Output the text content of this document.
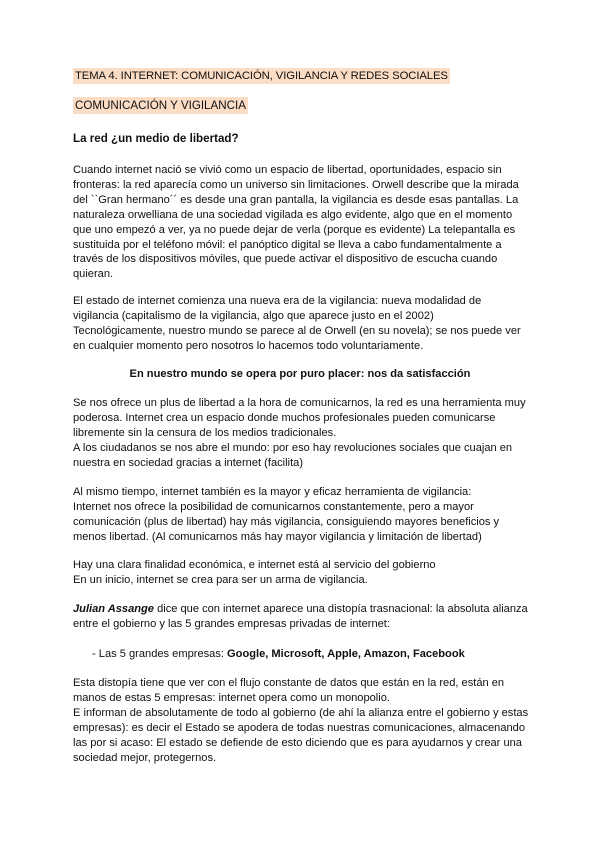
TEMA 4. INTERNET: COMUNICACIÓN, VIGILANCIA Y REDES SOCIALES
COMUNICACIÓN Y VIGILANCIA
La red ¿un medio de libertad?
Cuando internet nació se vivió como un espacio de libertad, oportunidades, espacio sin
fronteras: la red aparecía como un universo sin limitaciones. Orwell describe que la mirada
del ``Gran hermano´´ es desde una gran pantalla, la vigilancia es desde esas pantallas. La
naturaleza orwelliana de una sociedad vigilada es algo evidente, algo que en el momento
que uno empezó a ver, ya no puede dejar de verla (porque es evidente) La telepantalla es
sustituida por el teléfono móvil: el panóptico digital se lleva a cabo fundamentalmente a
través de los dispositivos móviles, que puede activar el dispositivo de escucha cuando
quieran.
El estado de internet comienza una nueva era de la vigilancia: nueva modalidad de
vigilancia (capitalismo de la vigilancia, algo que aparece justo en el 2002)
Tecnológicamente, nuestro mundo se parece al de Orwell (en su novela); se nos puede ver
en cualquier momento pero nosotros lo hacemos todo voluntariamente.
En nuestro mundo se opera por puro placer: nos da satisfacción
Se nos ofrece un plus de libertad a la hora de comunicarnos, la red es una herramienta muy
poderosa. Internet crea un espacio donde muchos profesionales pueden comunicarse
libremente sin la censura de los medios tradicionales.
A los ciudadanos se nos abre el mundo: por eso hay revoluciones sociales que cuajan en
nuestra en sociedad gracias a internet (facilita)
Al mismo tiempo, internet también es la mayor y eficaz herramienta de vigilancia:
Internet nos ofrece la posibilidad de comunicarnos constantemente, pero a mayor
comunicación (plus de libertad) hay más vigilancia, consiguiendo mayores beneficios y
menos libertad. (Al comunicarnos más hay mayor vigilancia y limitación de libertad)
Hay una clara finalidad económica, e internet está al servicio del gobierno
En un inicio, internet se crea para ser un arma de vigilancia.
Julian Assange dice que con internet aparece una distopía trasnacional: la absoluta alianza
entre el gobierno y las 5 grandes empresas privadas de internet:
- Las 5 grandes empresas: Google, Microsoft, Apple, Amazon, Facebook
Esta distopía tiene que ver con el flujo constante de datos que están en la red, están en
manos de estas 5 empresas: internet opera como un monopolio.
E informan de absolutamente de todo al gobierno (de ahí la alianza entre el gobierno y estas
empresas): es decir el Estado se apodera de todas nuestras comunicaciones, almacenando
las por si acaso: El estado se defiende de esto diciendo que es para ayudarnos y crear una
sociedad mejor, protegernos.
